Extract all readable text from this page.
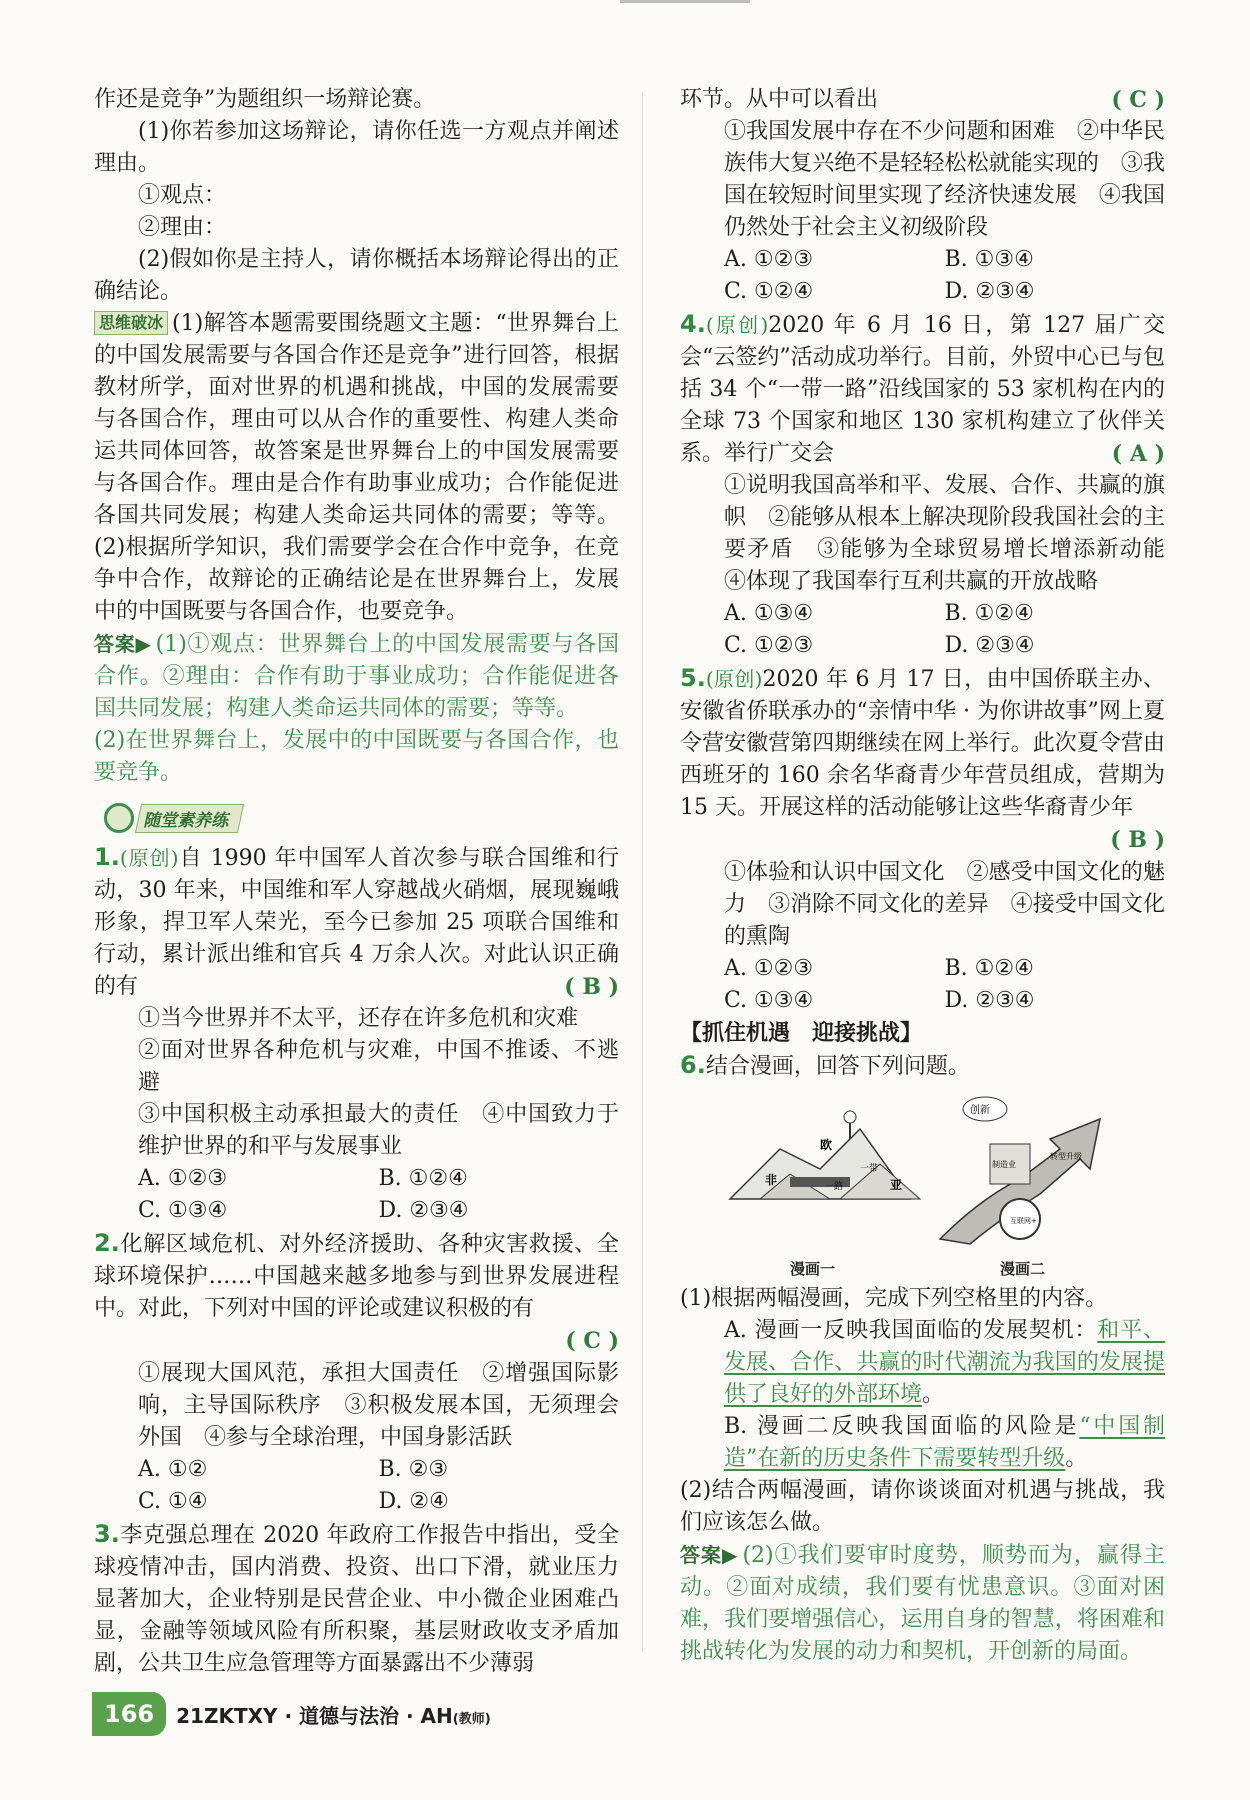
作还是竞争”为题组织一场辩论赛。

(1)你若参加这场辩论，请你任选一方观点并阐述理由。

①观点：

②理由：

(2)假如你是主持人，请你概括本场辩论得出的正确结论。

思维破冰 (1)解答本题需要围绕题文主题：“世界舞台上的中国发展需要与各国合作还是竞争”进行回答，根据教材所学，面对世界的机遇和挑战，中国的发展需要与各国合作，理由可以从合作的重要性、构建人类命运共同体回答，故答案是世界舞台上的中国发展需要与各国合作。理由是合作有助事业成功；合作能促进各国共同发展；构建人类命运共同体的需要；等等。(2)根据所学知识，我们需要学会在合作中竞争，在竞争中合作，故辩论的正确结论是在世界舞台上，发展中的中国既要与各国合作，也要竞争。

答案▶ (1)①观点：世界舞台上的中国发展需要与各国合作。②理由：合作有助于事业成功；合作能促进各国共同发展；构建人类命运共同体的需要；等等。

(2)在世界舞台上，发展中的中国既要与各国合作，也要竞争。

随堂素养练

1.(原创)自 1990 年中国军人首次参与联合国维和行动，30 年来，中国维和军人穿越战火硝烟，展现巍峨形象，捍卫军人荣光，至今已参加 25 项联合国维和行动，累计派出维和官兵 4 万余人次。对此认识正确的有	( B )

①当今世界并不太平，还存在许多危机和灾难

②面对世界各种危机与灾难，中国不推诿、不逃避

③中国积极主动承担最大的责任　④中国致力于维护世界的和平与发展事业

A. ①②③	B. ①②④
C. ①③④	D. ②③④

2.化解区域危机、对外经济援助、各种灾害救援、全球环境保护……中国越来越多地参与到世界发展进程中。对此，下列对中国的评论或建议积极的有

( C )

①展现大国风范，承担大国责任　②增强国际影响，主导国际秩序　③积极发展本国，无须理会外国　④参与全球治理，中国身影活跃

A. ①②	B. ②③
C. ①④	D. ②④

3.李克强总理在 2020 年政府工作报告中指出，受全球疫情冲击，国内消费、投资、出口下滑，就业压力显著加大，企业特别是民营企业、中小微企业困难凸显，金融等领域风险有所积聚，基层财政收支矛盾加剧，公共卫生应急管理等方面暴露出不少薄弱

环节。从中可以看出	( C )

①我国发展中存在不少问题和困难　②中华民族伟大复兴绝不是轻轻松松就能实现的　③我国在较短时间里实现了经济快速发展　④我国仍然处于社会主义初级阶段

A. ①②③	B. ①③④
C. ①②④	D. ②③④

4.(原创)2020 年 6 月 16 日，第 127 届广交会“云签约”活动成功举行。目前，外贸中心已与包括 34 个“一带一路”沿线国家的 53 家机构在内的全球 73 个国家和地区 130 家机构建立了伙伴关系。举行广交会	( A )

①说明我国高举和平、发展、合作、共赢的旗帜　②能够从根本上解决现阶段我国社会的主要矛盾　③能够为全球贸易增长增添新动能　④体现了我国奉行互利共赢的开放战略

A. ①③④	B. ①②④
C. ①②③	D. ②③④

5.(原创)2020 年 6 月 17 日，由中国侨联主办、安徽省侨联承办的“亲情中华 · 为你讲故事”网上夏令营安徽营第四期继续在网上举行。此次夏令营由西班牙的 160 余名华裔青少年营员组成，营期为 15 天。开展这样的活动能够让这些华裔青少年

( B )

①体验和认识中国文化　②感受中国文化的魅力　③消除不同文化的差异　④接受中国文化的熏陶

A. ①②③	B. ①②④
C. ①③④	D. ②③④

【抓住机遇　迎接挑战】

6.结合漫画，回答下列问题。

欧
非
一带
一路	亚
创新
制造业
转型升级
互联网+
漫画一	漫画二

(1)根据两幅漫画，完成下列空格里的内容。

A. 漫画一反映我国面临的发展契机：和平、发展、合作、共赢的时代潮流为我国的发展提供了良好的外部环境。

B. 漫画二反映我国面临的风险是“中国制造”在新的历史条件下需要转型升级。

(2)结合两幅漫画，请你谈谈面对机遇与挑战，我们应该怎么做。

答案▶ (2)①我们要审时度势，顺势而为，赢得主动。②面对成绩，我们要有忧患意识。③面对困难，我们要增强信心，运用自身的智慧，将困难和挑战转化为发展的动力和契机，开创新的局面。

166	21ZKTXY · 道德与法治 · AH(教师)
